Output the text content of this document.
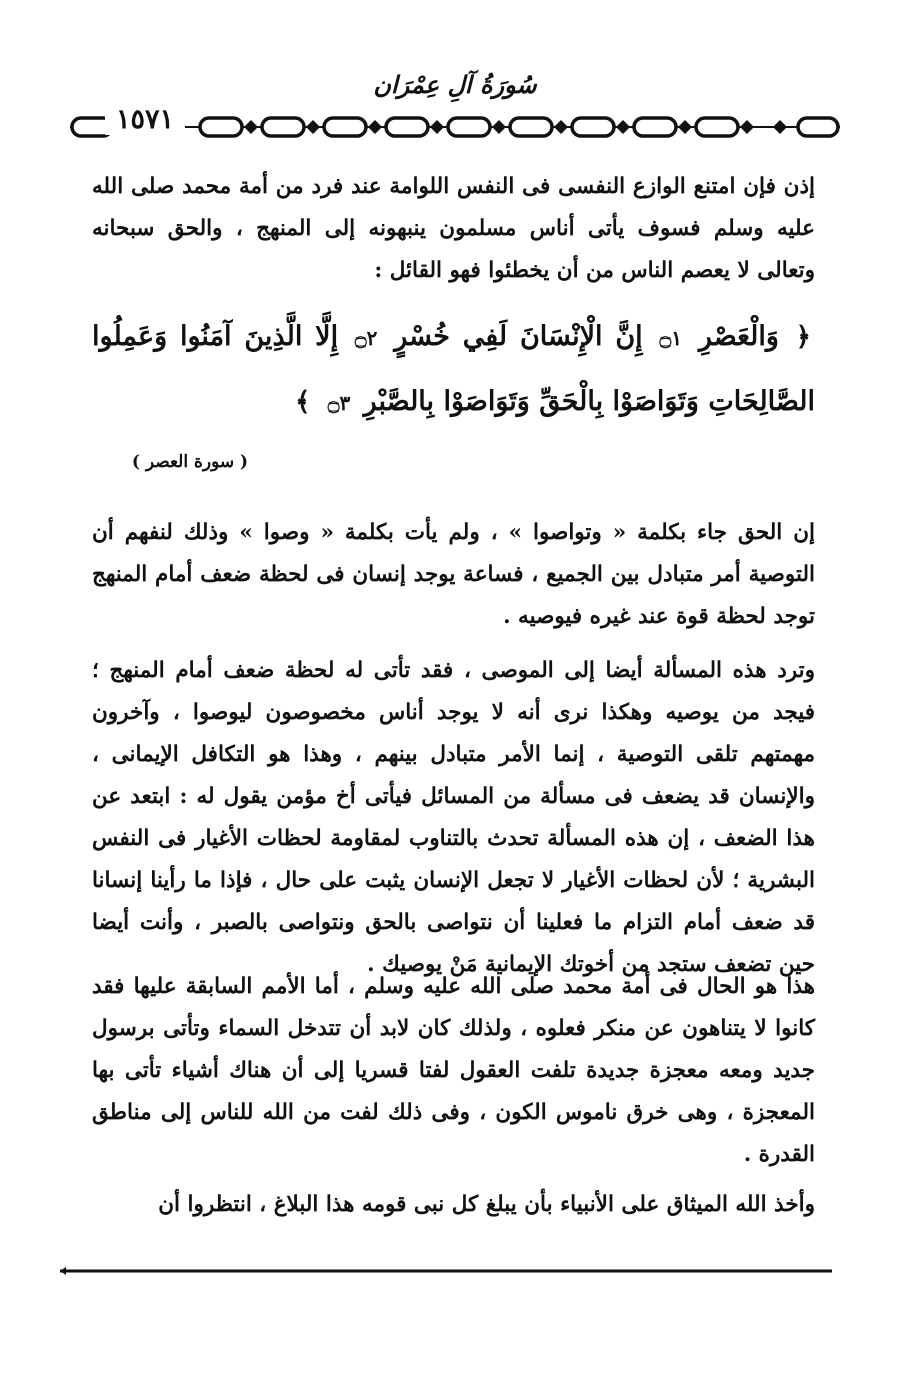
سُورَةُ آلِ عِمْرَان
١٥٧١

إذن فإن امتنع الوازع النفسى فى النفس اللوامة عند فرد من أمة محمد صلى الله عليه وسلم فسوف يأتى أناس مسلمون ينبهونه إلى المنهج ، والحق سبحانه وتعالى لا يعصم الناس من أن يخطئوا فهو القائل :

﴿ وَالْعَصْرِ ۝١ إِنَّ الْإِنْسَانَ لَفِي خُسْرٍ ۝٢ إِلَّا الَّذِينَ آمَنُوا وَعَمِلُوا الصَّالِحَاتِ وَتَوَاصَوْا بِالْحَقِّ وَتَوَاصَوْا بِالصَّبْرِ ۝٣ ﴾
( سورة العصر )

إن الحق جاء بكلمة « وتواصوا » ، ولم يأت بكلمة « وصوا » وذلك لنفهم أن التوصية أمر متبادل بين الجميع ، فساعة يوجد إنسان فى لحظة ضعف أمام المنهج توجد لحظة قوة عند غيره فيوصيه .

وترد هذه المسألة أيضا إلى الموصى ، فقد تأتى له لحظة ضعف أمام المنهج ؛ فيجد من يوصيه وهكذا نرى أنه لا يوجد أناس مخصوصون ليوصوا ، وآخرون مهمتهم تلقى التوصية ، إنما الأمر متبادل بينهم ، وهذا هو التكافل الإيمانى ، والإنسان قد يضعف فى مسألة من المسائل فيأتى أخ مؤمن يقول له : ابتعد عن هذا الضعف ، إن هذه المسألة تحدث بالتناوب لمقاومة لحظات الأغيار فى النفس البشرية ؛ لأن لحظات الأغيار لا تجعل الإنسان يثبت على حال ، فإذا ما رأينا إنسانا قد ضعف أمام التزام ما فعلينا أن نتواصى بالحق ونتواصى بالصبر ، وأنت أيضا حين تضعف ستجد من أخوتك الإيمانية مَنْ يوصيك .

هذا هو الحال فى أمة محمد صلى الله عليه وسلم ، أما الأمم السابقة عليها فقد كانوا لا يتناهون عن منكر فعلوه ، ولذلك كان لابد أن تتدخل السماء وتأتى برسول جديد ومعه معجزة جديدة تلفت العقول لفتا قسريا إلى أن هناك أشياء تأتى بها المعجزة ، وهى خرق ناموس الكون ، وفى ذلك لفت من الله للناس إلى مناطق القدرة .

وأخذ الله الميثاق على الأنبياء بأن يبلغ كل نبى قومه هذا البلاغ ، انتظروا أن
